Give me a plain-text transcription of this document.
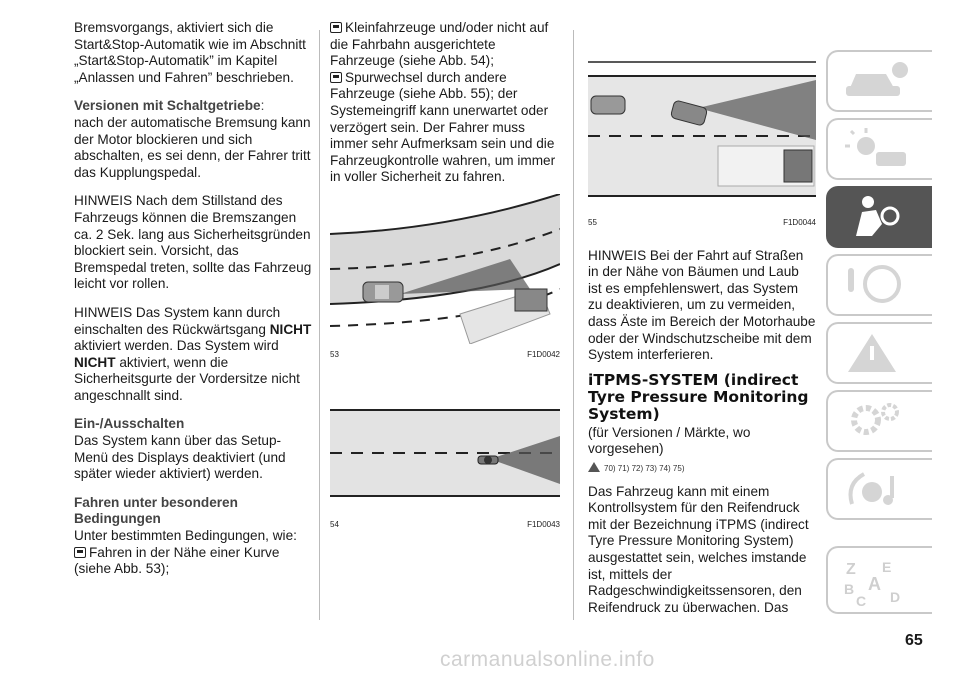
Bremsvorgangs, aktiviert sich die Start&Stop-Automatik wie im Abschnitt „Start&Stop-Automatik” im Kapitel „Anlassen und Fahren” beschrieben.

Versionen mit Schaltgetriebe:

nach der automatische Bremsung kann der Motor blockieren und sich abschalten, es sei denn, der Fahrer tritt das Kupplungspedal.

HINWEIS Nach dem Stillstand des Fahrzeugs können die Bremszangen ca. 2 Sek. lang aus Sicherheitsgründen blockiert sein. Vorsicht, das Bremspedal treten, sollte das Fahrzeug leicht vor rollen.

HINWEIS Das System kann durch einschalten des Rückwärtsgang NICHT aktiviert werden. Das System wird NICHT aktiviert, wenn die Sicherheitsgurte der Vordersitze nicht angeschnallt sind.

Ein-/Ausschalten

Das System kann über das Setup-Menü des Displays deaktiviert (und später wieder aktiviert) werden.

Fahren unter besonderen Bedingungen
Unter bestimmten Bedingungen, wie:
Fahren in der Nähe einer Kurve (siehe Abb. 53);
Kleinfahrzeuge und/oder nicht auf die Fahrbahn ausgerichtete Fahrzeuge (siehe Abb. 54);
Spurwechsel durch andere Fahrzeuge (siehe Abb. 55); der Systemeingriff kann unerwartet oder verzögert sein. Der Fahrer muss immer sehr Aufmerksam sein und die Fahrzeugkontrolle wahren, um immer in voller Sicherheit zu fahren.
53	F1D0042
54	F1D0043
55	F1D0044

HINWEIS Bei der Fahrt auf Straßen in der Nähe von Bäumen und Laub ist es empfehlenswert, das System zu deaktivieren, um zu vermeiden, dass Äste im Bereich der Motorhaube oder der Windschutzscheibe mit dem System interferieren.

iTPMS-SYSTEM (indirect Tyre Pressure Monitoring System)
(für Versionen / Märkte, wo vorgesehen)
70) 71) 72) 73) 74) 75)
Das Fahrzeug kann mit einem Kontrollsystem für den Reifendruck mit der Bezeichnung iTPMS (indirect Tyre Pressure Monitoring System) ausgestattet sein, welches imstande ist, mittels der Radgeschwindigkeitssensoren, den Reifendruck zu überwachen. Das
Z E
B A
C D
65
carmanualsonline.info
